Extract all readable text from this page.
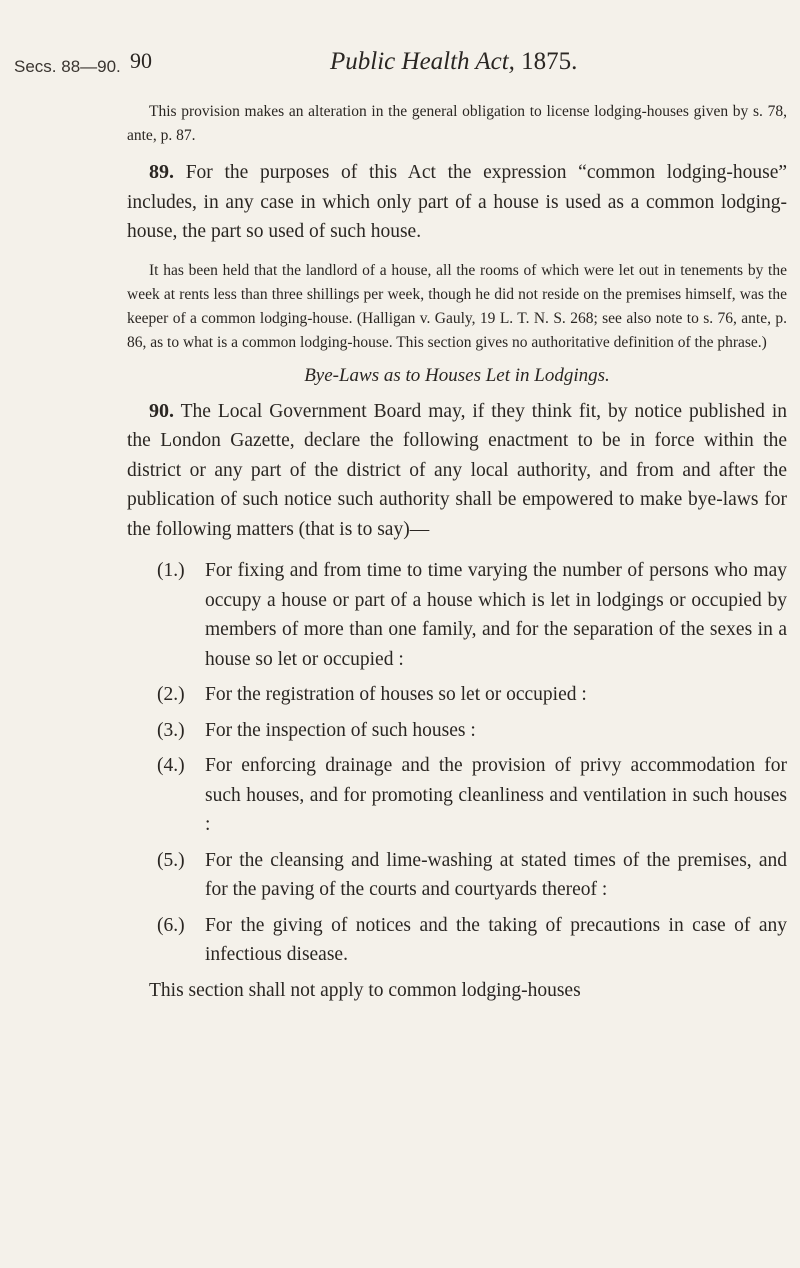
Secs. 88—90. 90	Public Health Act, 1875.

This provision makes an alteration in the general obligation to license lodging-houses given by s. 78, ante, p. 87.

89. For the purposes of this Act the expression “common lodging-house” includes, in any case in which only part of a house is used as a common lodging-house, the part so used of such house.

It has been held that the landlord of a house, all the rooms of which were let out in tenements by the week at rents less than three shillings per week, though he did not reside on the premises himself, was the keeper of a common lodging-house. (Halligan v. Gauly, 19 L. T. N. S. 268; see also note to s. 76, ante, p. 86, as to what is a common lodging-house. This section gives no authoritative definition of the phrase.)

Bye-Laws as to Houses Let in Lodgings.

90. The Local Government Board may, if they think fit, by notice published in the London Gazette, declare the following enactment to be in force within the district or any part of the district of any local authority, and from and after the publication of such notice such authority shall be empowered to make bye-laws for the following matters (that is to say)—

(1.) For fixing and from time to time varying the number of persons who may occupy a house or part of a house which is let in lodgings or occupied by members of more than one family, and for the separation of the sexes in a house so let or occupied :
(2.) For the registration of houses so let or occupied :
(3.) For the inspection of such houses :
(4.) For enforcing drainage and the provision of privy accommodation for such houses, and for promoting cleanliness and ventilation in such houses :
(5.) For the cleansing and lime-washing at stated times of the premises, and for the paving of the courts and courtyards thereof :
(6.) For the giving of notices and the taking of precautions in case of any infectious disease.

This section shall not apply to common lodging-houses
